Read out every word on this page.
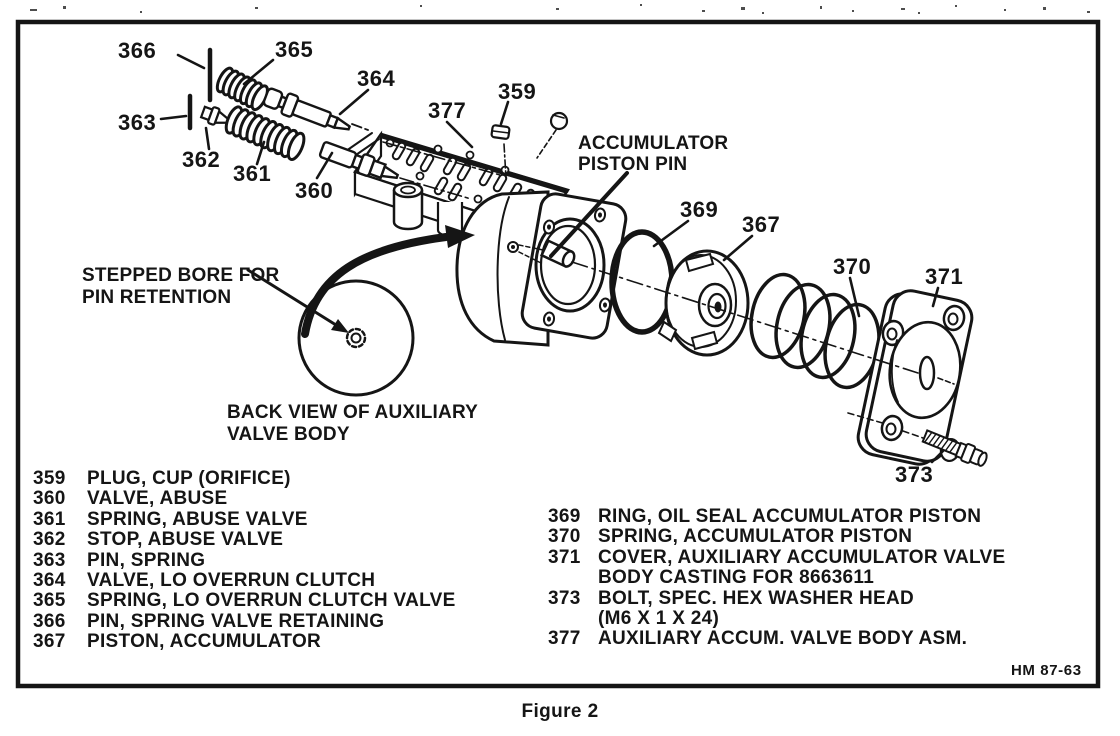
366	365
364
363
362
361
360
377
359
369
367
370 371
373
ACCUMULATOR
PISTON PIN
STEPPED BORE FOR
PIN RETENTION
BACK VIEW OF AUXILIARY
VALVE BODY
359 PLUG, CUP (ORIFICE)
360 VALVE, ABUSE
361 SPRING, ABUSE VALVE
362 STOP, ABUSE VALVE
363 PIN, SPRING
364 VALVE, LO OVERRUN CLUTCH
365 SPRING, LO OVERRUN CLUTCH VALVE
366 PIN, SPRING VALVE RETAINING
367 PISTON, ACCUMULATOR
369 RING, OIL SEAL ACCUMULATOR PISTON
370 SPRING, ACCUMULATOR PISTON
371 COVER, AUXILIARY ACCUMULATOR VALVE
BODY CASTING FOR 8663611
373 BOLT, SPEC. HEX WASHER HEAD
(M6 X 1 X 24)
377 AUXILIARY ACCUM. VALVE BODY ASM.
HM 87-63
Figure 2
